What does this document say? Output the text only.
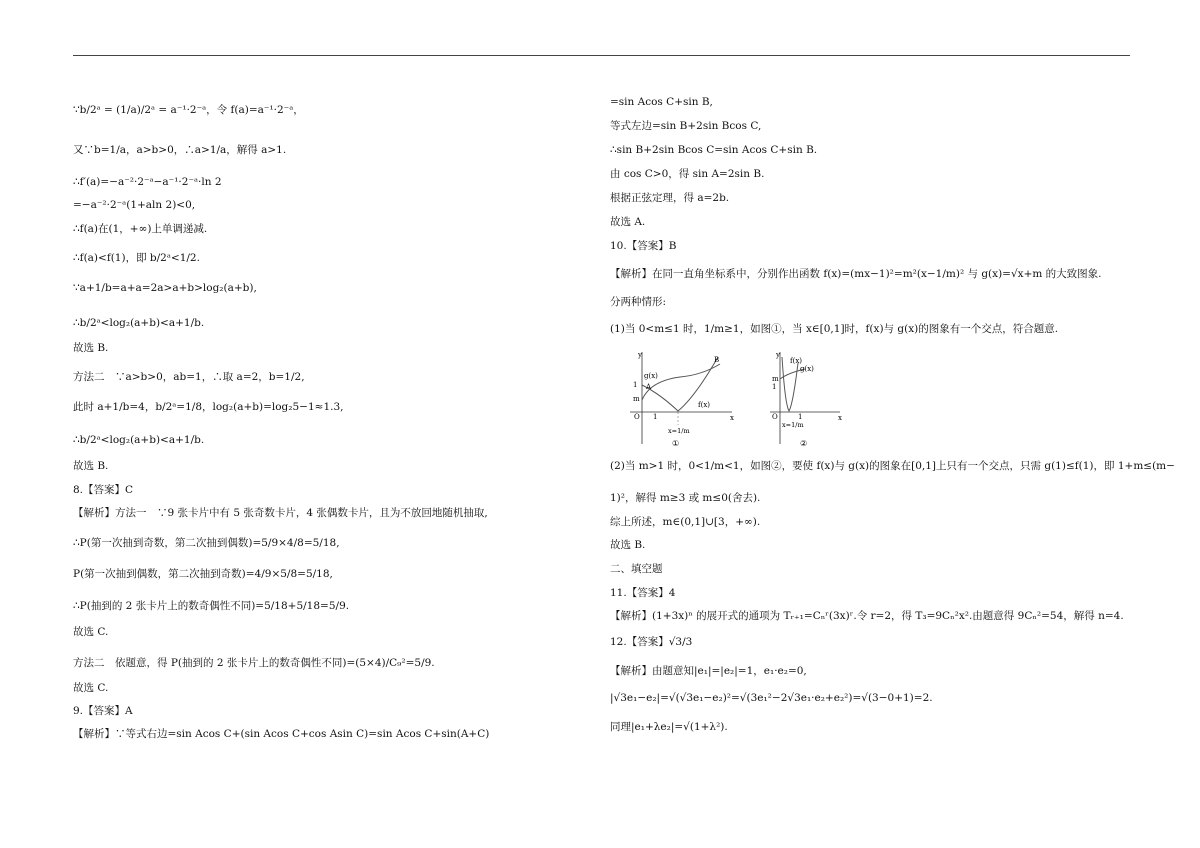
∵b/2ᵃ = (1/a)/2ᵃ = a⁻¹·2⁻ᵃ，令 f(a)=a⁻¹·2⁻ᵃ，
又∵b=1/a，a>b>0，∴a>1/a，解得 a>1.
∴f′(a)=−a⁻²·2⁻ᵃ−a⁻¹·2⁻ᵃ·ln 2
=−a⁻²·2⁻ᵃ(1+aln 2)<0,
∴f(a)在(1，+∞)上单调递减.
∴f(a)<f(1)，即 b/2ᵃ<1/2.
∵a+1/b=a+a=2a>a+b>log₂(a+b),
∴b/2ᵃ<log₂(a+b)<a+1/b.
故选 B.
方法二　∵a>b>0，ab=1，∴取 a=2，b=1/2,
此时 a+1/b=4，b/2ᵃ=1/8，log₂(a+b)=log₂5−1≈1.3,
∴b/2ᵃ<log₂(a+b)<a+1/b.
故选 B.
8.【答案】C
【解析】方法一　∵9 张卡片中有 5 张奇数卡片，4 张偶数卡片，且为不放回地随机抽取,
∴P(第一次抽到奇数，第二次抽到偶数)=5/9×4/8=5/18,
P(第一次抽到偶数，第二次抽到奇数)=4/9×5/8=5/18,
∴P(抽到的 2 张卡片上的数奇偶性不同)=5/18+5/18=5/9.
故选 C.
方法二　依题意，得 P(抽到的 2 张卡片上的数奇偶性不同)=(5×4)/C₉²=5/9.
故选 C.
9.【答案】A
【解析】∵等式右边=sin Acos C+(sin Acos C+cos Asin C)=sin Acos C+sin(A+C)
=sin Acos C+sin B,
等式左边=sin B+2sin Bcos C,
∴sin B+2sin Bcos C=sin Acos C+sin B.
由 cos C>0，得 sin A=2sin B.
根据正弦定理，得 a=2b.
故选 A.
10.【答案】B
【解析】在同一直角坐标系中，分别作出函数 f(x)=(mx−1)²=m²(x−1/m)² 与 g(x)=√x+m 的大致图象.
分两种情形:
(1)当 0<m≤1 时，1/m≥1，如图①，当 x∈[0,1]时，f(x)与 g(x)的图象有一个交点，符合题意.
y
x
B
A
g(x)
f(x)
1
m
O 1
x=1/m
①
y
x
f(x)
g(x)
m
1
O
x=1/m
1
②
(2)当 m>1 时，0<1/m<1，如图②，要使 f(x)与 g(x)的图象在[0,1]上只有一个交点，只需 g(1)≤f(1)，即 1+m≤(m−
1)²，解得 m≥3 或 m≤0(舍去).
综上所述，m∈(0,1]∪[3，+∞).
故选 B.
二、填空题
11.【答案】4
【解析】(1+3x)ⁿ 的展开式的通项为 Tᵣ₊₁=Cₙʳ(3x)ʳ.令 r=2，得 T₃=9Cₙ²x².由题意得 9Cₙ²=54，解得 n=4.
12.【答案】√3/3
【解析】由题意知|e₁|=|e₂|=1，e₁·e₂=0,
|√3e₁−e₂|=√(√3e₁−e₂)²=√(3e₁²−2√3e₁·e₂+e₂²)=√(3−0+1)=2.
同理|e₁+λe₂|=√(1+λ²).
